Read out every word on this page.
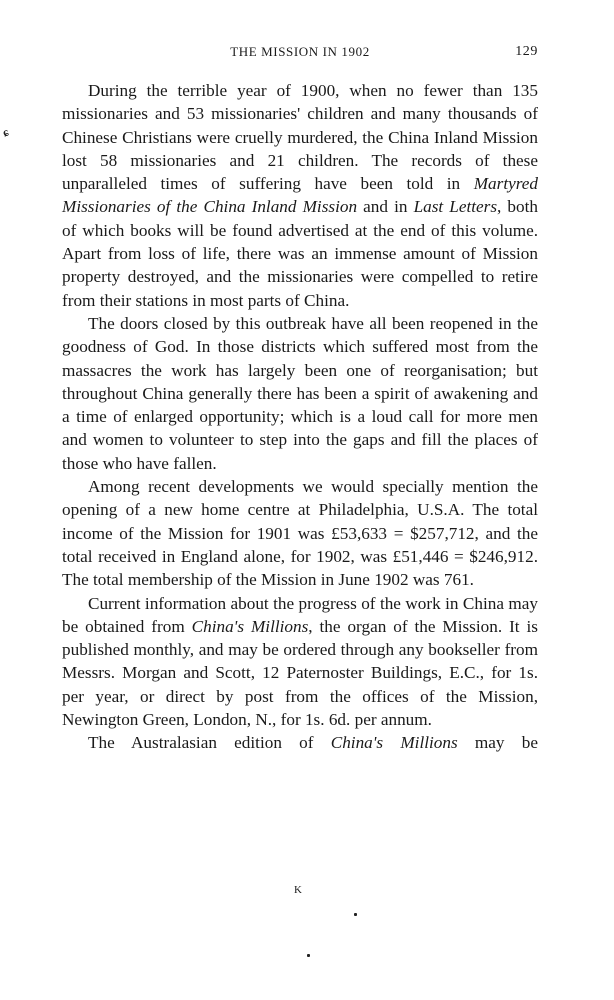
THE MISSION IN 1902	129
ɕ

During the terrible year of 1900, when no fewer than 135 missionaries and 53 missionaries' children and many thousands of Chinese Christians were cruelly murdered, the China Inland Mission lost 58 missionaries and 21 children. The records of these unparalleled times of suffering have been told in Martyred Missionaries of the China Inland Mission and in Last Letters, both of which books will be found advertised at the end of this volume. Apart from loss of life, there was an immense amount of Mission property destroyed, and the missionaries were compelled to retire from their stations in most parts of China.

The doors closed by this outbreak have all been reopened in the goodness of God. In those districts which suffered most from the massacres the work has largely been one of reorganisation; but throughout China generally there has been a spirit of awakening and a time of enlarged opportunity; which is a loud call for more men and women to volunteer to step into the gaps and fill the places of those who have fallen.

Among recent developments we would specially mention the opening of a new home centre at Philadelphia, U.S.A. The total income of the Mission for 1901 was £53,633 = $257,712, and the total received in England alone, for 1902, was £51,446 = $246,912. The total membership of the Mission in June 1902 was 761.

Current information about the progress of the work in China may be obtained from China's Millions, the organ of the Mission. It is published monthly, and may be ordered through any bookseller from Messrs. Morgan and Scott, 12 Paternoster Buildings, E.C., for 1s. per year, or direct by post from the offices of the Mission, Newington Green, London, N., for 1s. 6d. per annum.

The Australasian edition of China's Millions may be

K
